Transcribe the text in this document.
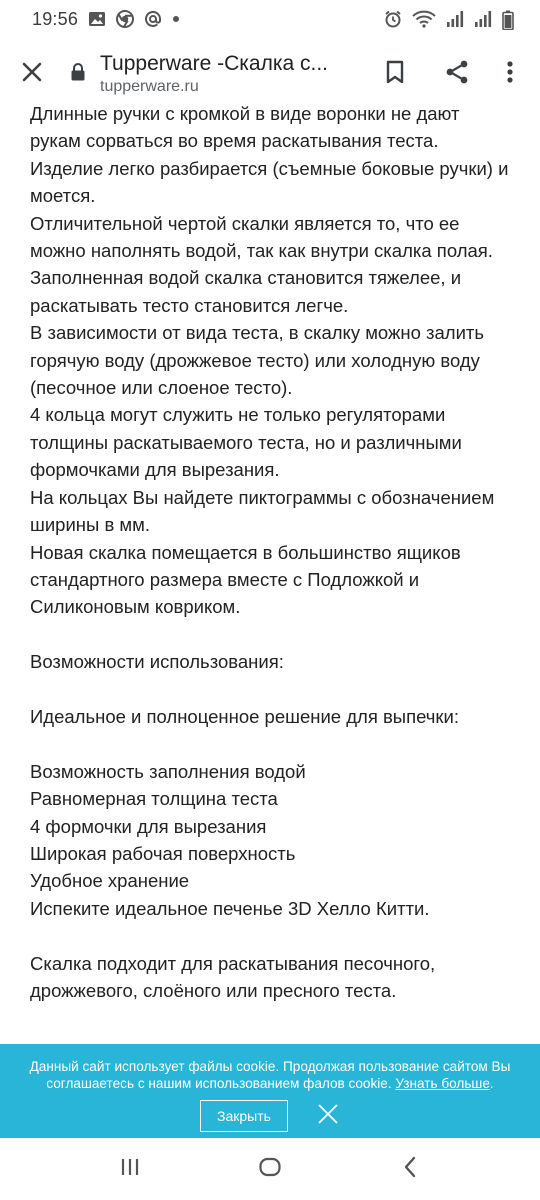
19:56
Tupperware -Скалка с...
tupperware.ru

Длинные ручки с кромкой в виде воронки не дают рукам сорваться во время раскатывания теста.

Изделие легко разбирается (съемные боковые ручки) и моется.

Отличительной чертой скалки является то, что ее можно наполнять водой, так как внутри скалка полая.

Заполненная водой скалка становится тяжелее, и раскатывать тесто становится легче.

В зависимости от вида теста, в скалку можно залить горячую воду (дрожжевое тесто) или холодную воду (песочное или слоеное тесто).

4 кольца могут служить не только регуляторами толщины раскатываемого теста, но и различными формочками для вырезания.

На кольцах Вы найдете пиктограммы с обозначением ширины в мм.

Новая скалка помещается в большинство ящиков стандартного размера вместе с Подложкой и Силиконовым ковриком.

Возможности использования:

Идеальное и полноценное решение для выпечки:

Возможность заполнения водой

Равномерная толщина теста

4 формочки для вырезания

Широкая рабочая поверхность

Удобное хранение

Испеките идеальное печенье 3D Хелло Китти.

Скалка подходит для раскатывания песочного, дрожжевого, слоёного или пресного теста.

Данный сайт использует файлы cookie. Продолжая пользование сайтом Вы соглашаетесь с нашим использованием фалов cookie. Узнать больше.
Закрыть
